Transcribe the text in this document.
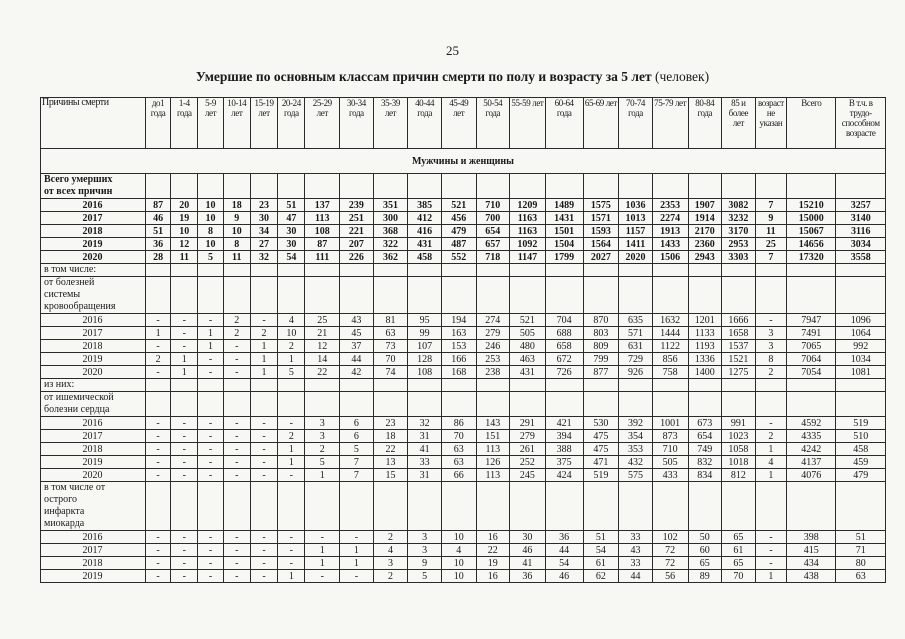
25
Умершие по основным классам причин смерти по полу и возрасту за 5 лет (человек)
Причины смерти	до1 года	1-4 года	5-9 лет	10-14 лет	15-19 лет	20-24 года	25-29 лет	30-34 года	35-39 лет	40-44 года	45-49 лет	50-54 года	55-59 лет	60-64 года	65-69 лет	70-74 года	75-79 лет	80-84 года	85 и более лет	возраст не указан	Всего	В т.ч. в трудо-способном возрасте
Мужчины и женщины																						
Всего умерших
от всех причин																						
2016	87	20	10	18	23	51	137	239	351	385	521	710	1209	1489	1575	1036	2353	1907	3082	7	15210	3257
2017	46	19	10	9	30	47	113	251	300	412	456	700	1163	1431	1571	1013	2274	1914	3232	9	15000	3140
2018	51	10	8	10	34	30	108	221	368	416	479	654	1163	1501	1593	1157	1913	2170	3170	11	15067	3116
2019	36	12	10	8	27	30	87	207	322	431	487	657	1092	1504	1564	1411	1433	2360	2953	25	14656	3034
2020	28	11	5	11	32	54	111	226	362	458	552	718	1147	1799	2027	2020	1506	2943	3303	7	17320	3558
в том числе:																						
от болезней
системы
кровообращения																						
2016	-	-	-	2	-	4	25	43	81	95	194	274	521	704	870	635	1632	1201	1666	-	7947	1096
2017	1	-	1	2	2	10	21	45	63	99	163	279	505	688	803	571	1444	1133	1658	3	7491	1064
2018	-	-	1	-	1	2	12	37	73	107	153	246	480	658	809	631	1122	1193	1537	3	7065	992
2019	2	1	-	-	1	1	14	44	70	128	166	253	463	672	799	729	856	1336	1521	8	7064	1034
2020	-	1	-	-	1	5	22	42	74	108	168	238	431	726	877	926	758	1400	1275	2	7054	1081
из них:																						
от ишемической
болезни сердца																						
2016	-	-	-	-	-	-	3	6	23	32	86	143	291	421	530	392	1001	673	991	-	4592	519
2017	-	-	-	-	-	2	3	6	18	31	70	151	279	394	475	354	873	654	1023	2	4335	510
2018	-	-	-	-	-	1	2	5	22	41	63	113	261	388	475	353	710	749	1058	1	4242	458
2019	-	-	-	-	-	1	5	7	13	33	63	126	252	375	471	432	505	832	1018	4	4137	459
2020	-	-	-	-	-	-	1	7	15	31	66	113	245	424	519	575	433	834	812	1	4076	479
в том числе от
острого
инфаркта
миокарда																						
2016	-	-	-	-	-	-	-	-	2	3	10	16	30	36	51	33	102	50	65	-	398	51
2017	-	-	-	-	-	-	1	1	4	3	4	22	46	44	54	43	72	60	61	-	415	71
2018	-	-	-	-	-	-	1	1	3	9	10	19	41	54	61	33	72	65	65	-	434	80
2019	-	-	-	-	-	1	-	-	2	5	10	16	36	46	62	44	56	89	70	1	438	63
